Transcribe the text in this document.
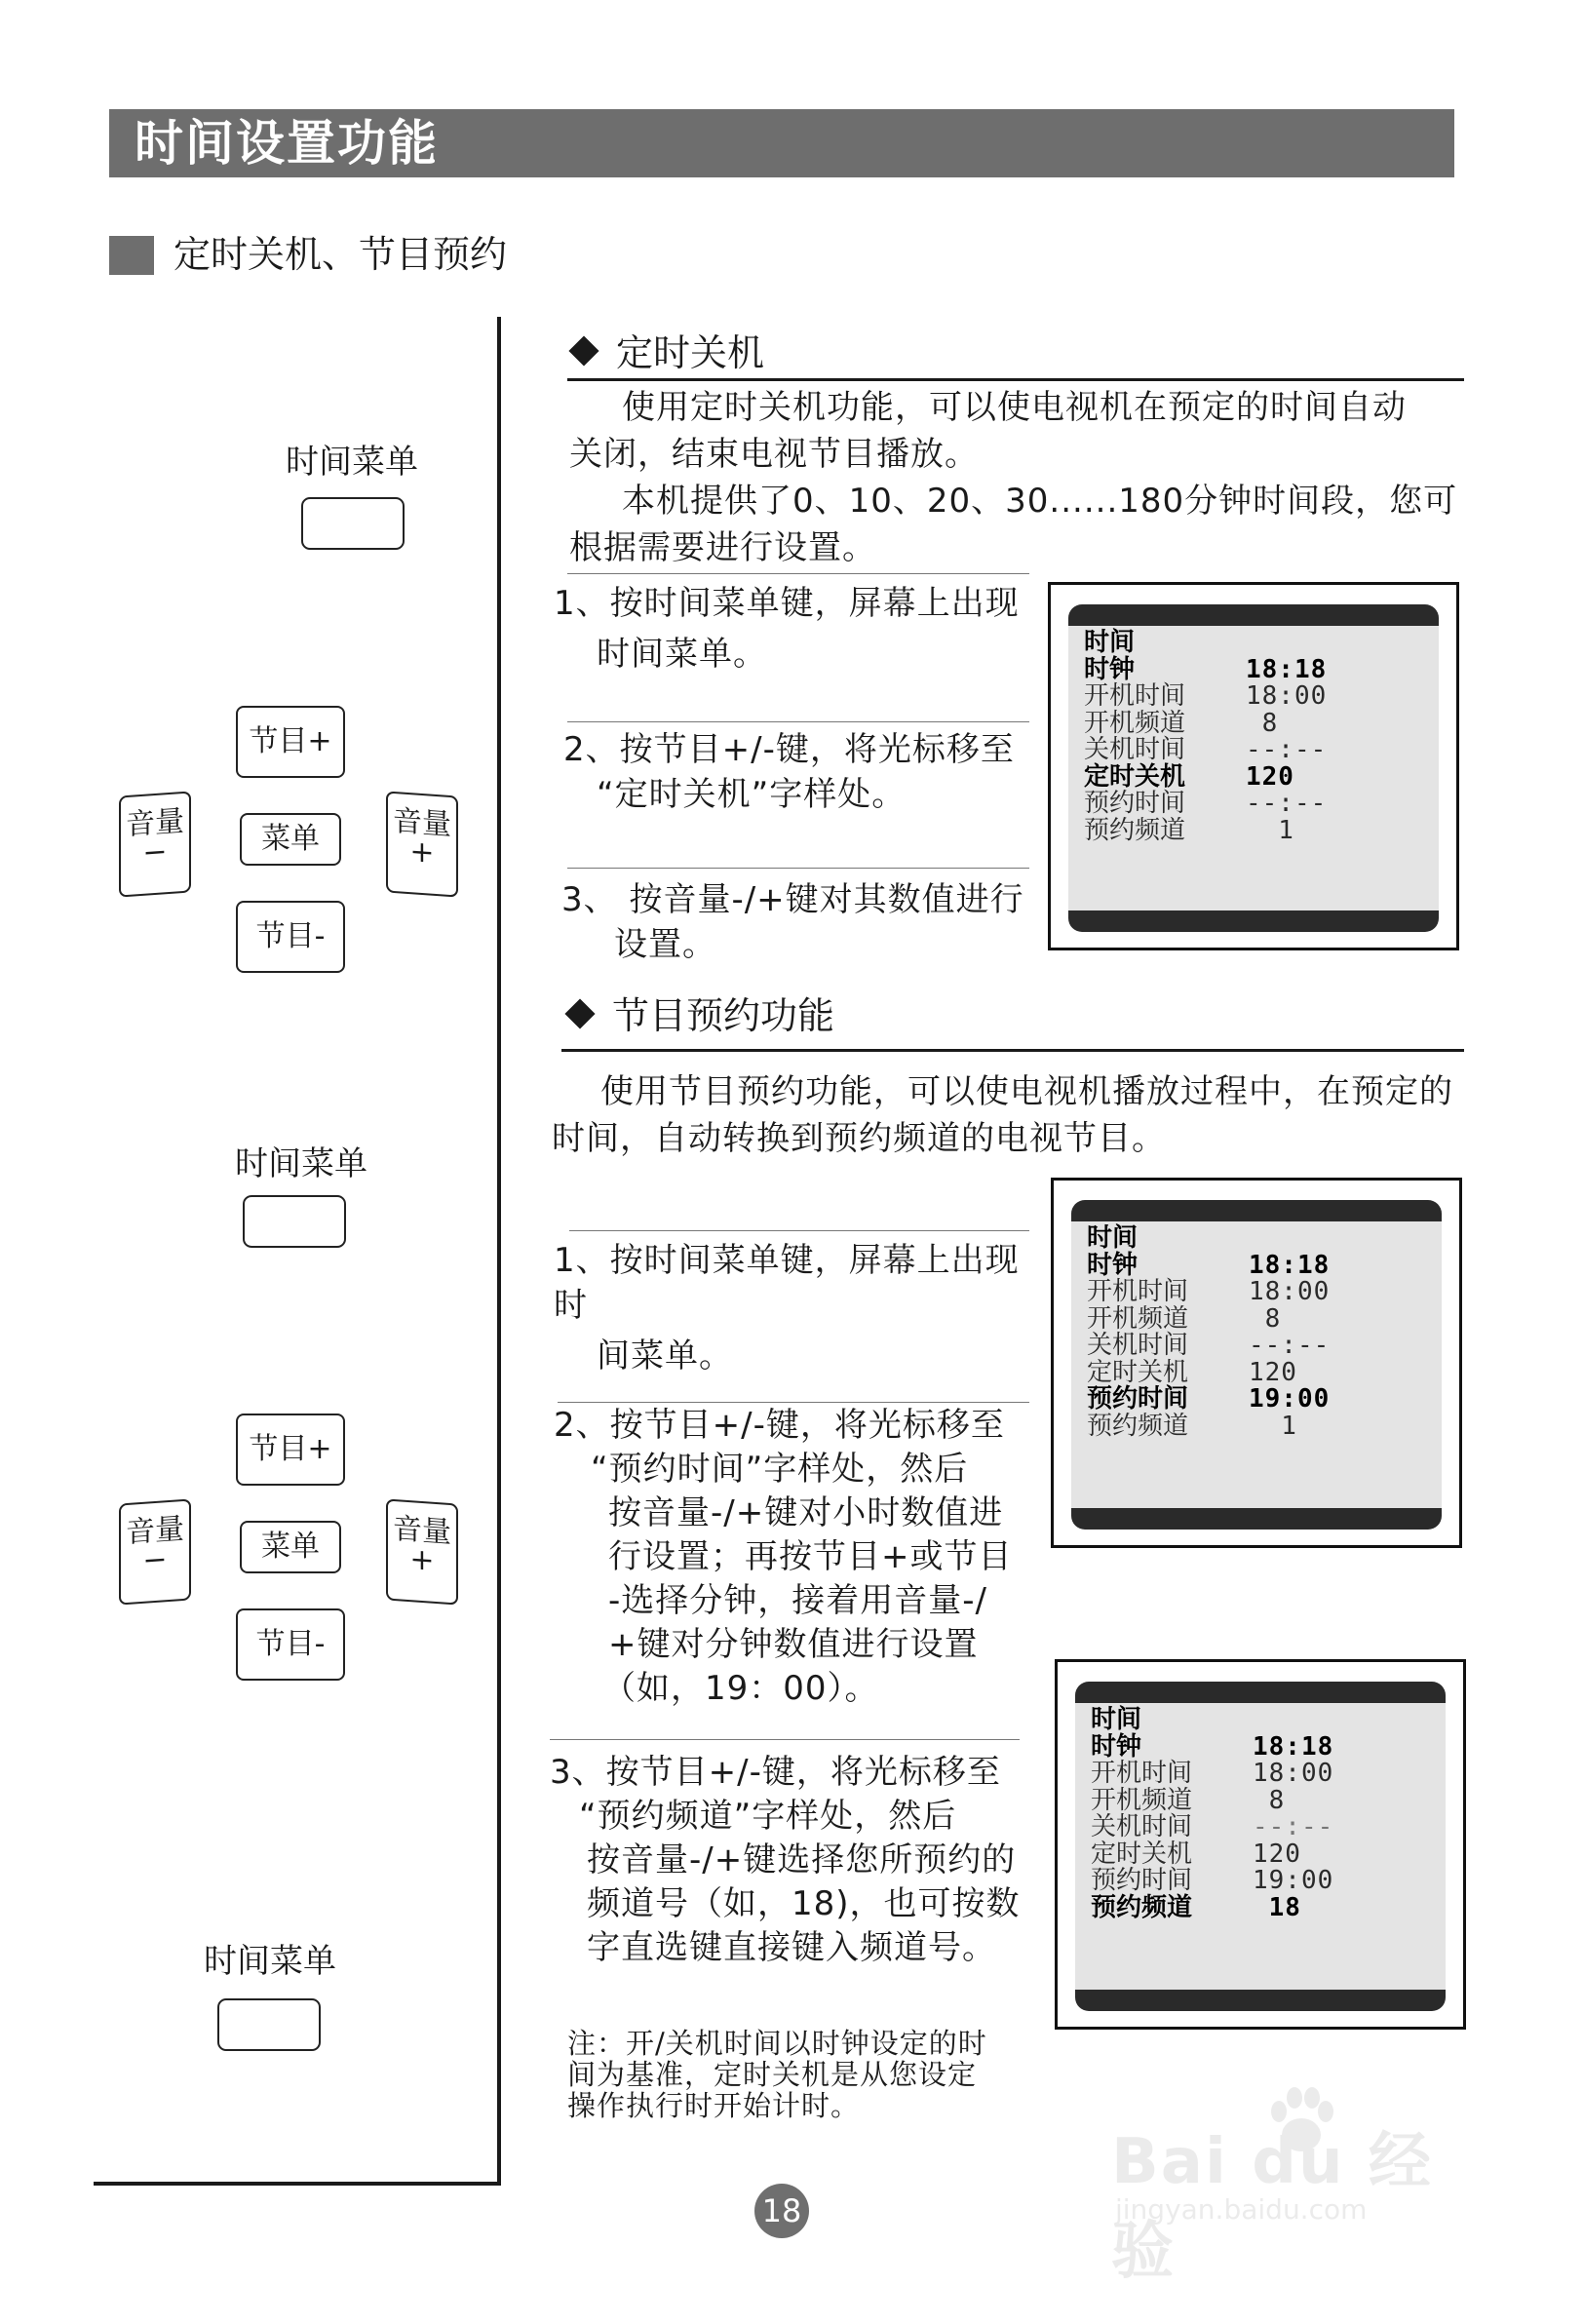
时间设置功能
定时关机、节目预约
时间菜单
时间菜单
时间菜单
节目+
菜单
节目-
音量
−
音量
+
节目+
菜单
节目-
音量
−
音量
+
定时关机
使用定时关机功能，可以使电视机在预定的时间自动
关闭，结束电视节目播放。
本机提供了0、10、20、30......180分钟时间段，您可
根据需要进行设置。
1、按时间菜单键，屏幕上出现
时间菜单。
2、按节目+/-键，将光标移至
“定时关机”字样处。
3、 按音量-/+键对其数值进行
设置。
时间
时钟	18:18
开机时间 18:00
开机频道 8
关机时间 --:--
定时关机 120
预约时间 --:--
预约频道 1
节目预约功能
使用节目预约功能，可以使电视机播放过程中，在预定的
时间，自动转换到预约频道的电视节目。
1、按时间菜单键，屏幕上出现时
间菜单。
2、按节目+/-键，将光标移至
“预约时间”字样处，然后
按音量-/+键对小时数值进
行设置；再按节目+或节目
-选择分钟，接着用音量-/
+键对分钟数值进行设置
（如，19：00）。
3、按节目+/-键，将光标移至
“预约频道”字样处，然后
按音量-/+键选择您所预约的
频道号（如，18)，也可按数
字直选键直接键入频道号。
注：开/关机时间以时钟设定的时
间为基准，定时关机是从您设定
操作执行时开始计时。
时间
时钟	18:18
开机时间 18:00
开机频道 8
关机时间 --:--
定时关机 120
预约时间 19:00
预约频道 1
时间
时钟	18:18
开机时间 18:00
开机频道 8
关机时间 --:--
定时关机 120
预约时间 19:00
预约频道 18
18
Bai du 经验
jingyan.baidu.com
